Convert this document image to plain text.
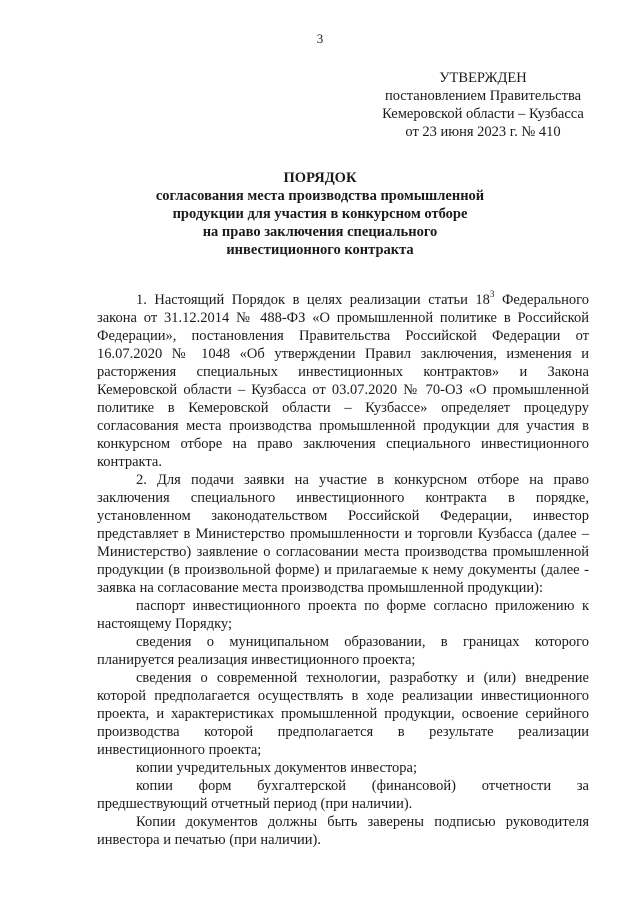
3
УТВЕРЖДЕН
постановлением Правительства
Кемеровской области – Кузбасса
от 23 июня 2023 г. № 410
ПОРЯДОК
согласования места производства промышленной
продукции для участия в конкурсном отборе
на право заключения специального
инвестиционного контракта

1. Настоящий Порядок в целях реализации статьи $18^3$ Федерального закона от 31.12.2014 № 488-ФЗ «О промышленной политике в Российской Федерации», постановления Правительства Российской Федерации от 16.07.2020 № 1048 «Об утверждении Правил заключения, изменения и расторжения специальных инвестиционных контрактов» и Закона Кемеровской области – Кузбасса от 03.07.2020 № 70-ОЗ «О промышленной политике в Кемеровской области – Кузбассе» определяет процедуру согласования места производства промышленной продукции для участия в конкурсном отборе на право заключения специального инвестиционного контракта.

2. Для подачи заявки на участие в конкурсном отборе на право заключения специального инвестиционного контракта в порядке, установленном законодательством Российской Федерации, инвестор представляет в Министерство промышленности и торговли Кузбасса (далее – Министерство) заявление о согласовании места производства промышленной продукции (в произвольной форме) и прилагаемые к нему документы (далее - заявка на согласование места производства промышленной продукции):

паспорт инвестиционного проекта по форме согласно приложению к настоящему Порядку;

сведения о муниципальном образовании, в границах которого планируется реализация инвестиционного проекта;

сведения о современной технологии, разработку и (или) внедрение которой предполагается осуществлять в ходе реализации инвестиционного проекта, и характеристиках промышленной продукции, освоение серийного производства которой предполагается в результате реализации инвестиционного проекта;

копии учредительных документов инвестора;

копии форм бухгалтерской (финансовой) отчетности за предшествующий отчетный период (при наличии).

Копии документов должны быть заверены подписью руководителя инвестора и печатью (при наличии).
